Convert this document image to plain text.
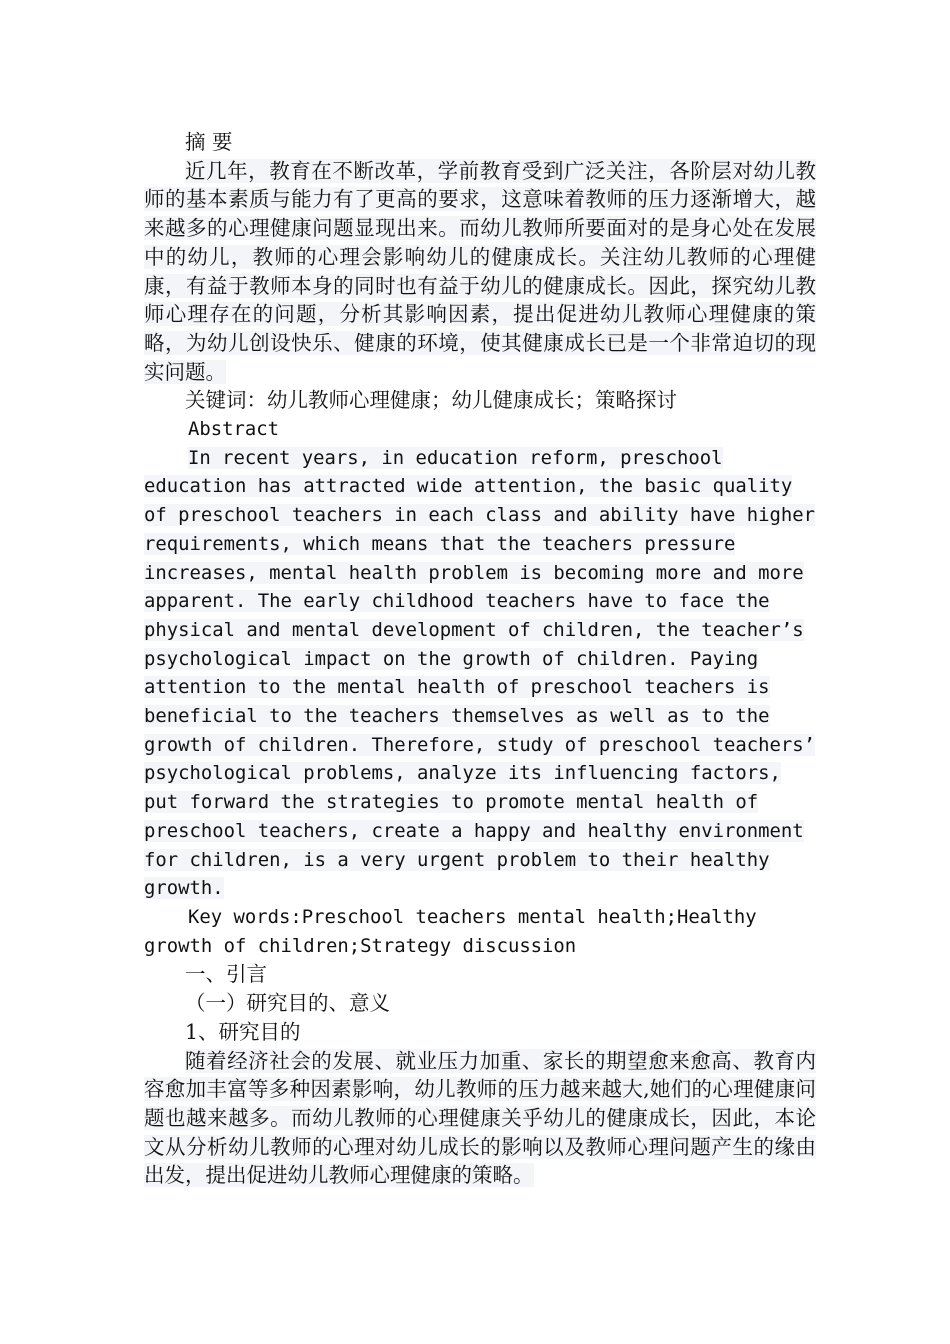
摘 要

近几年，教育在不断改革，学前教育受到广泛关注，各阶层对幼儿教师的基本素质与能力有了更高的要求，这意味着教师的压力逐渐增大，越来越多的心理健康问题显现出来。而幼儿教师所要面对的是身心处在发展中的幼儿，教师的心理会影响幼儿的健康成长。关注幼儿教师的心理健康，有益于教师本身的同时也有益于幼儿的健康成长。因此，探究幼儿教师心理存在的问题，分析其影响因素，提出促进幼儿教师心理健康的策略，为幼儿创设快乐、健康的环境，使其健康成长已是一个非常迫切的现实问题。

关键词：幼儿教师心理健康；幼儿健康成长；策略探讨

Abstract

In recent years, in education reform, preschool education has attracted wide attention, the basic quality of preschool teachers in each class and ability have higher requirements, which means that the teachers pressure increases, mental health problem is becoming more and more apparent. The early childhood teachers have to face the physical and mental development of children, the teacher’s psychological impact on the growth of children. Paying attention to the mental health of preschool teachers is beneficial to the teachers themselves as well as to the growth of children. Therefore, study of preschool teachers’ psychological problems, analyze its influencing factors, put forward the strategies to promote mental health of preschool teachers, create a happy and healthy environment for children, is a very urgent problem to their healthy growth.

Key words:Preschool teachers mental health;Healthy growth of children;Strategy discussion

一、引言

（一）研究目的、意义

1、研究目的

随着经济社会的发展、就业压力加重、家长的期望愈来愈高、教育内容愈加丰富等多种因素影响，幼儿教师的压力越来越大,她们的心理健康问题也越来越多。而幼儿教师的心理健康关乎幼儿的健康成长，因此，本论文从分析幼儿教师的心理对幼儿成长的影响以及教师心理问题产生的缘由出发，提出促进幼儿教师心理健康的策略。
